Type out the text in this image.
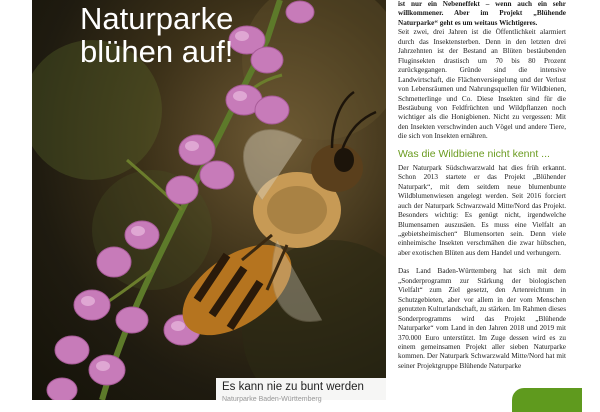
Naturparke
blühen auf!

Es kann nie zu bunt werden

Naturparke Baden-Württemberg

ist nur ein Nebeneffekt – wenn auch ein sehr willkommener. Aber im Projekt „Blühende Naturparke“ geht es um weitaus Wichtigeres.

Seit zwei, drei Jahren ist die Öffentlichkeit alarmiert durch das Insektensterben. Denn in den letzten drei Jahrzehnten ist der Bestand an Blüten bestäubenden Fluginsekten drastisch um 70 bis 80 Prozent zurückgegangen. Gründe sind die intensive Landwirtschaft, die Flächenversiegelung und der Verlust von Lebensräumen und Nahrungsquellen für Wildbienen, Schmetterlinge und Co. Diese Insekten sind für die Bestäubung von Feldfrüchten und Wildpflanzen noch wichtiger als die Honigbienen. Nicht zu vergessen: Mit den Insekten verschwinden auch Vögel und andere Tiere, die sich von Insekten ernähren.

Was die Wildbiene nicht kennt ...

Der Naturpark Südschwarzwald hat dies früh erkannt. Schon 2013 startete er das Projekt „Blühender Naturpark“, mit dem seitdem neue blumenbunte Wildblumenwiesen angelegt werden. Seit 2016 forciert auch der Naturpark Schwarzwald Mitte/Nord das Projekt. Besonders wichtig: Es genügt nicht, irgendwelche Blumensamen auszusäen. Es muss eine Vielfalt an „gebietsheimischen“ Blumensorten sein. Denn viele einheimische Insekten verschmähen die zwar hübschen, aber exotischen Blüten aus dem Handel und verhungern.

Das Land Baden-Württemberg hat sich mit dem „Sonderprogramm zur Stärkung der biologischen Vielfalt“ zum Ziel gesetzt, den Artenreichtum in Schutzgebieten, aber vor allem in der vom Menschen genutzten Kulturlandschaft, zu stärken. Im Rahmen dieses Sonderprogramms wird das Projekt „Blühende Naturparke“ vom Land in den Jahren 2018 und 2019 mit 370.000 Euro unterstützt. Im Zuge dessen wird es zu einem gemeinsamen Projekt aller sieben Naturparke kommen. Der Naturpark Schwarzwald Mitte/Nord hat mit seiner Projektgruppe Blühende Naturparke
